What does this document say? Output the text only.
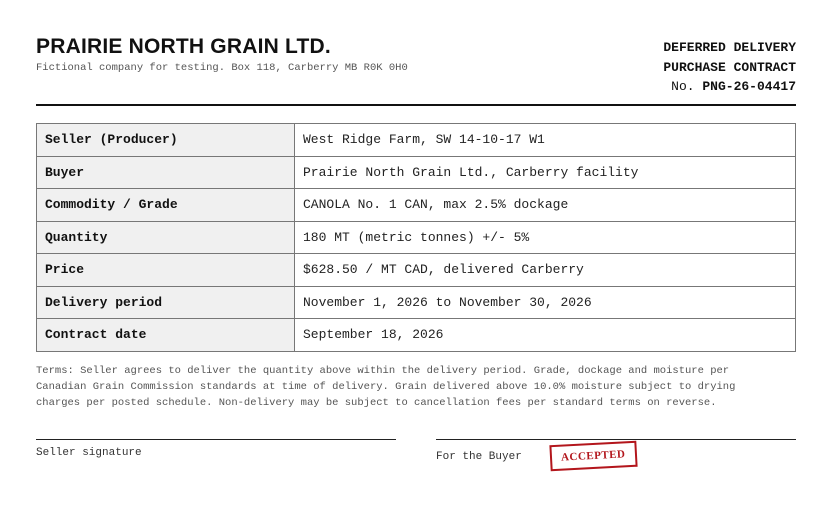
PRAIRIE NORTH GRAIN LTD.
Fictional company for testing. Box 118, Carberry MB R0K 0H0
DEFERRED DELIVERY
PURCHASE CONTRACT
No. PNG-26-04417
Seller (Producer)	West Ridge Farm, SW 14-10-17 W1
Buyer	Prairie North Grain Ltd., Carberry facility
Commodity / Grade	CANOLA No. 1 CAN, max 2.5% dockage
Quantity	180 MT (metric tonnes) +/- 5%
Price	$628.50 / MT CAD, delivered Carberry
Delivery period	November 1, 2026 to November 30, 2026
Contract date	September 18, 2026
Terms: Seller agrees to deliver the quantity above within the delivery period. Grade, dockage and moisture per
Canadian Grain Commission standards at time of delivery. Grain delivered above 10.0% moisture subject to drying
charges per posted schedule. Non-delivery may be subject to cancellation fees per standard terms on reverse.
Seller signature	For the Buyer	ACCEPTED
